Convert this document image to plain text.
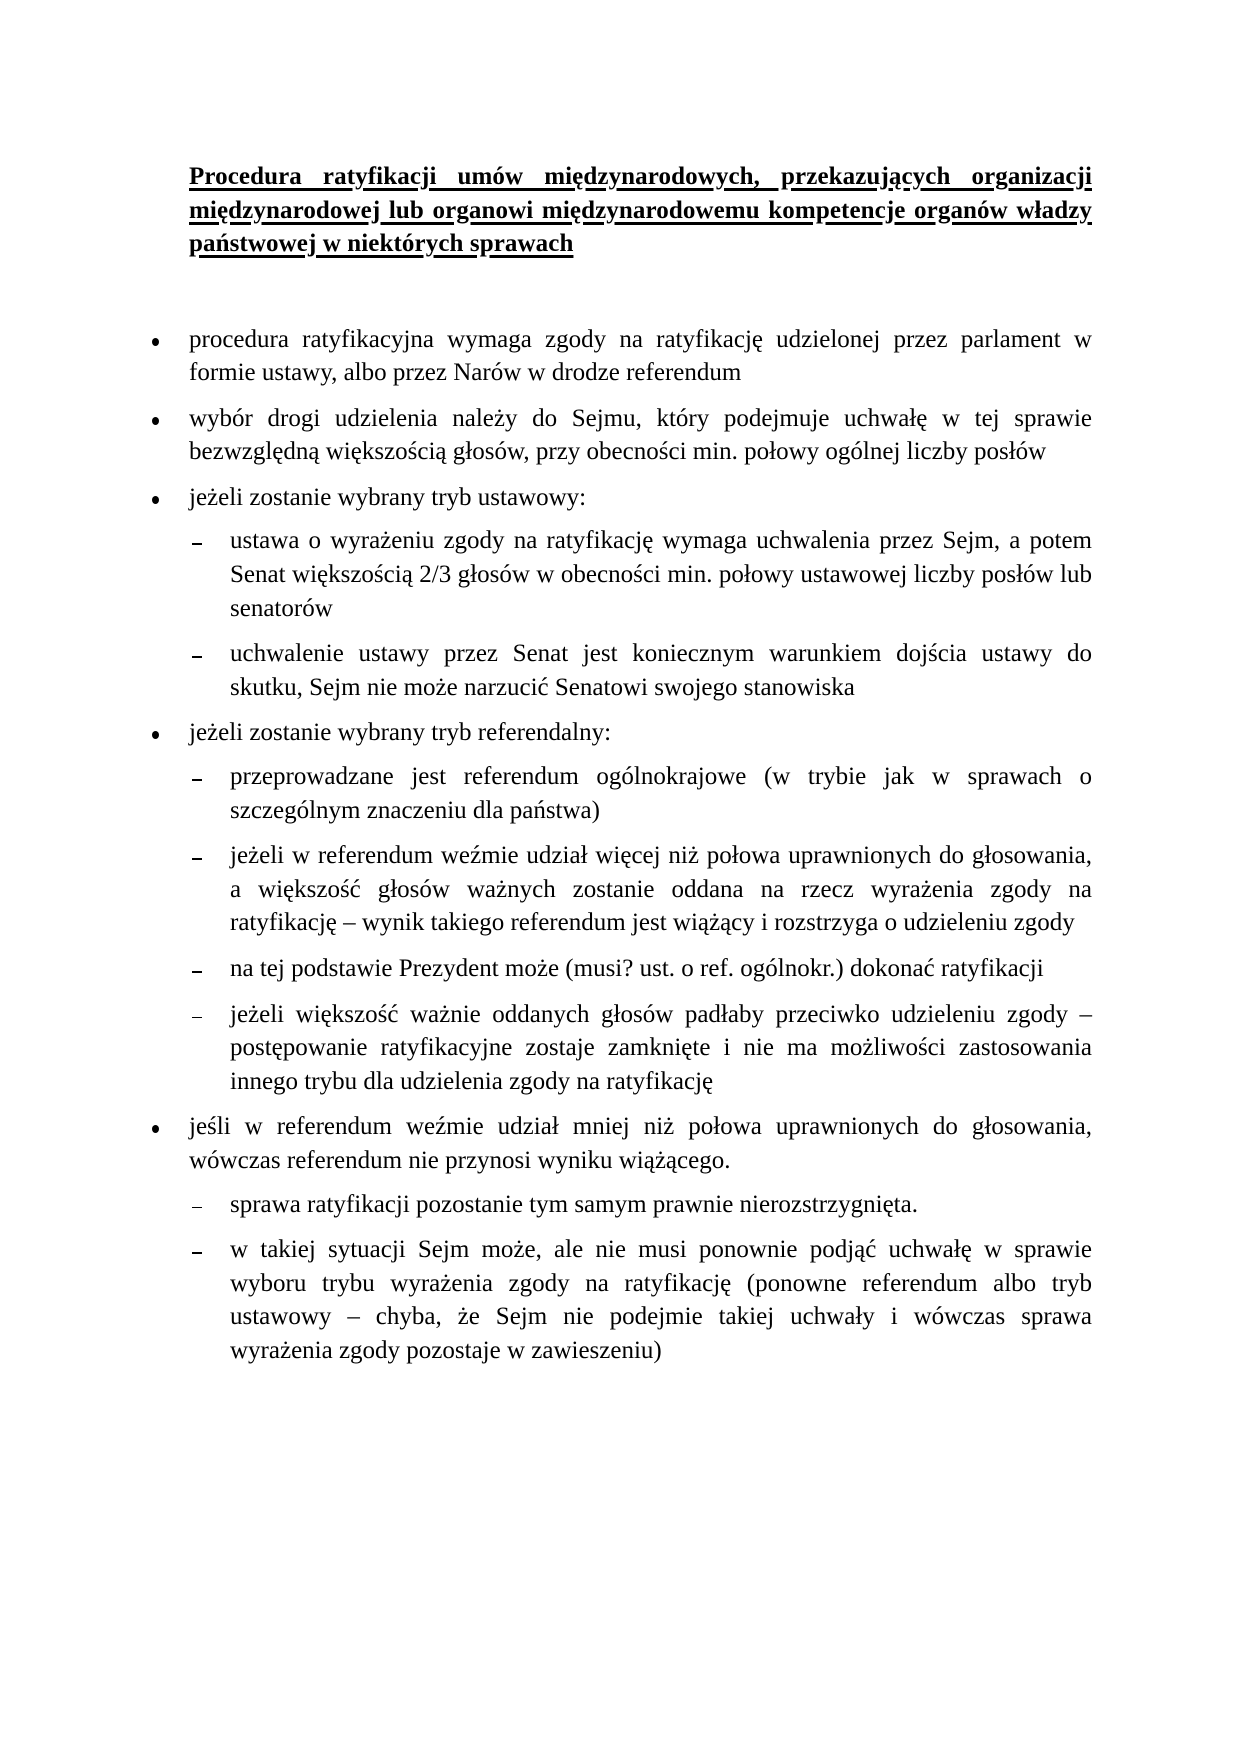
Procedura ratyfikacji umów międzynarodowych, przekazujących organizacji międzynarodowej lub organowi międzynarodowemu kompetencje organów władzy państwowej w niektórych sprawach
procedura ratyfikacyjna wymaga zgody na ratyfikację udzielonej przez parlament w formie ustawy, albo przez Narów w drodze referendum
wybór drogi udzielenia należy do Sejmu, który podejmuje uchwałę w tej sprawie bezwzględną większością głosów, przy obecności min. połowy ogólnej liczby posłów
jeżeli zostanie wybrany tryb ustawowy:
ustawa o wyrażeniu zgody na ratyfikację wymaga uchwalenia przez Sejm, a potem Senat większością 2/3 głosów w obecności min. połowy ustawowej liczby posłów lub senatorów
uchwalenie ustawy przez Senat jest koniecznym warunkiem dojścia ustawy do skutku, Sejm nie może narzucić Senatowi swojego stanowiska
jeżeli zostanie wybrany tryb referendalny:
przeprowadzane jest referendum ogólnokrajowe (w trybie jak w sprawach o szczególnym znaczeniu dla państwa)
jeżeli w referendum weźmie udział więcej niż połowa uprawnionych do głosowania, a większość głosów ważnych zostanie oddana na rzecz wyrażenia zgody na ratyfikację – wynik takiego referendum jest wiążący i rozstrzyga o udzieleniu zgody
na tej podstawie Prezydent może (musi? ust. o ref. ogólnokr.) dokonać ratyfikacji
jeżeli większość ważnie oddanych głosów padłaby przeciwko udzieleniu zgody – postępowanie ratyfikacyjne zostaje zamknięte i nie ma możliwości zastosowania innego trybu dla udzielenia zgody na ratyfikację
jeśli w referendum weźmie udział mniej niż połowa uprawnionych do głosowania, wówczas referendum nie przynosi wyniku wiążącego.
sprawa ratyfikacji pozostanie tym samym prawnie nierozstrzygnięta.
w takiej sytuacji Sejm może, ale nie musi ponownie podjąć uchwałę w sprawie wyboru trybu wyrażenia zgody na ratyfikację (ponowne referendum albo tryb ustawowy – chyba, że Sejm nie podejmie takiej uchwały i wówczas sprawa wyrażenia zgody pozostaje w zawieszeniu)
